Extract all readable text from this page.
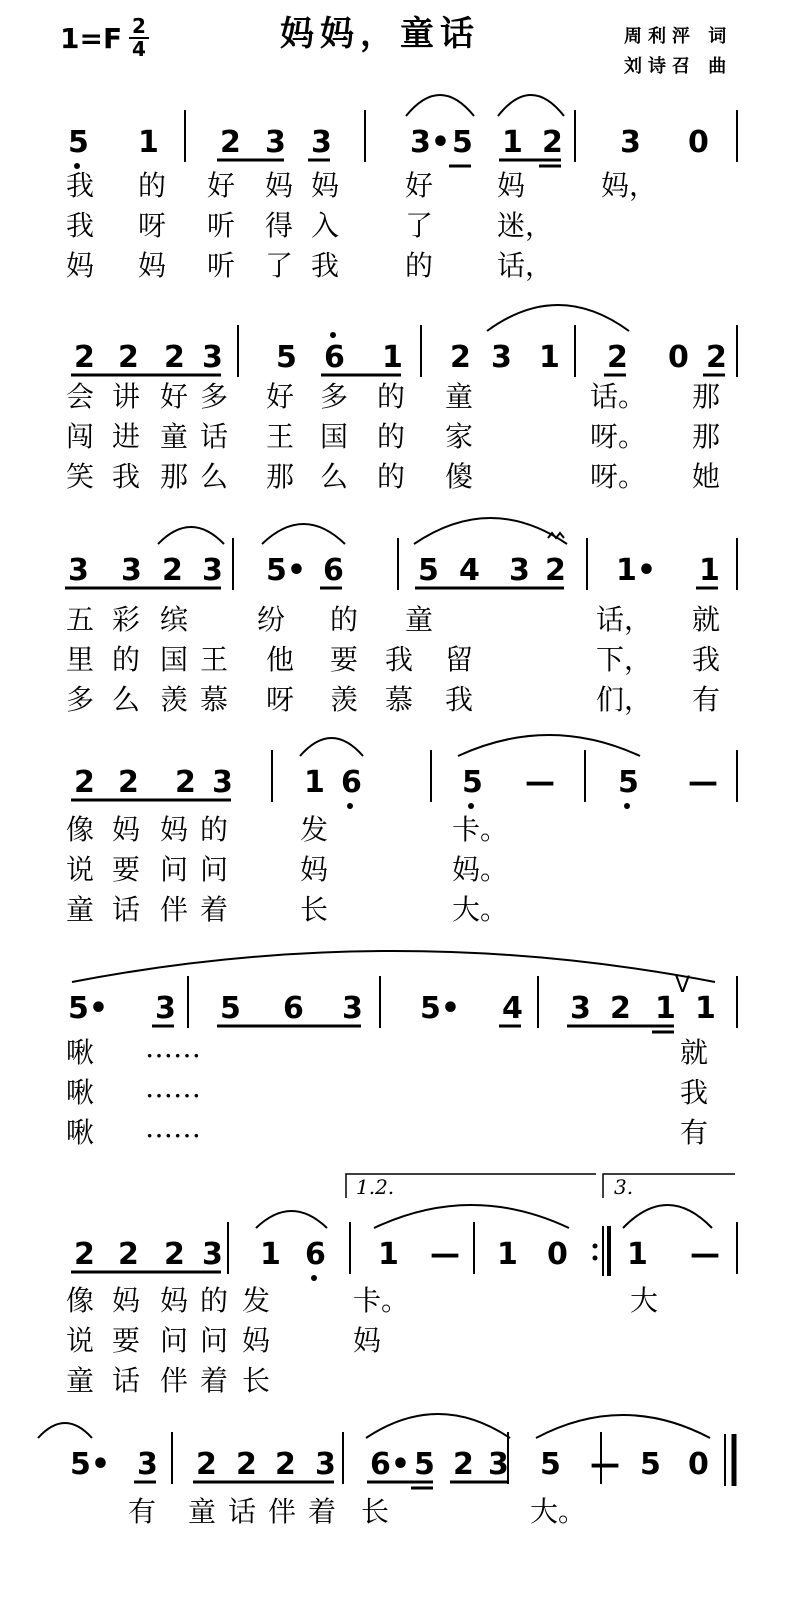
1=F 2
4	妈妈，童话	周利泙 词
刘诗召 曲
5 1 2 3 3	3• 5 1 2 3 0
2 2 2 3 5 6 1 2 3 1 2 0 2
3 3 2 3 5• 6 5 4 3 2 1• 1
2 2 2 3 1 6	5 — 5 —
5• 3 5 6 3 5• 4 3 2 1 1
V
2 2 2 3 1 6 1 — 1 0 1 —
1.2.	3.
5• 3 2 2 2 3 6• 5 2 3 5 — 5 0
我 的 好 妈 妈 好 妈	妈，
我 呀 听 得 入 了 迷，
妈 妈 听 了 我 的 话，
会 讲 好 多 好 多 的 童	话。 那
闯 进 童 话 王 国 的 家	呀。 那
笑 我 那 么 那 么 的 傻	呀。 她
五 彩 缤 纷 的 童	话， 就
里 的 国 王 他 要 我 留	下， 我
多 么 羡 慕 呀 羡 慕 我	们， 有
像 妈 妈 的	发	卡。
说 要 问 问	妈	妈。
童 话 伴 着	长	大。
啾 ……	就
啾 ……	我
啾 ……	有
像 妈 妈 的 发	卡。	大
说 要 问 问 妈	妈
童 话 伴 着 长
有 童 话 伴 着 长	大。
